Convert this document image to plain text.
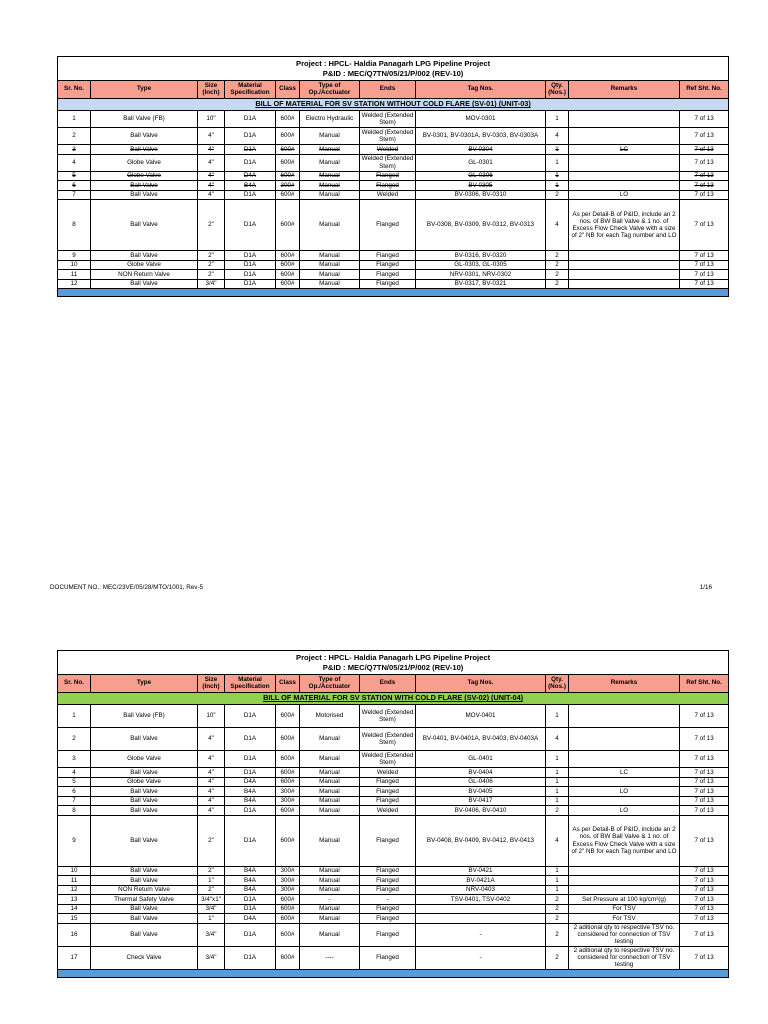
Project : HPCL- Haldia Panagarh LPG Pipeline Project
P&ID : MEC/Q7TN/05/21/P/002 (REV-10)										
Sr. No.	Type	Size (Inch)	Material Specification	Class	Type of Op./Acctuator	Ends	Tag Nos.	Qty. (Nos.)	Remarks	Ref Sht. No.
BILL OF MATERIAL FOR SV STATION WITHOUT COLD FLARE (SV-01) (UNIT-03)										
1	Ball Valve (FB)	10"	D1A	600#	Electro Hydraulic	Welded (Extended Stem)	MOV-0301	1		7 of 13
2	Ball Valve	4"	D1A	600#	Manual	Welded (Extended Stem)	BV-0301, BV-0301A, BV-0303, BV-0303A	4		7 of 13
3	Ball Valve	4"	D1A	600#	Manual	Welded	BV-0304	1	LC	7 of 13
4	Globe Valve	4"	D1A	600#	Manual	Welded (Extended Stem)	GL-0301	1		7 of 13
5	Globe Valve	4"	D4A	600#	Manual	Flanged	GL-0306	1		7 of 13
6	Ball Valve	4"	B4A	300#	Manual	Flanged	BV-0305	1		7 of 13
7	Ball Valve	4"	D1A	600#	Manual	Welded	BV-0306, BV-0310	2	LO	7 of 13
8	Ball Valve	2"	D1A	600#	Manual	Flanged	BV-0308, BV-0309, BV-0312, BV-0313	4	As per Detail-B of P&ID, include an 2 nos. of BW Ball Valve & 1 no. of Excess Flow Check Valve with a size of 2" NB for each Tag number and LO	7 of 13
9	Ball Valve	2"	D1A	600#	Manual	Flanged	BV-0316, BV-0320	2		7 of 13
10	Globe Valve	2"	D1A	600#	Manual	Flanged	GL-0303, GL-0305	2		7 of 13
11	NON Return Valve	2"	D1A	600#	Manual	Flanged	NRV-0301, NRV-0302	2		7 of 13
12	Ball Valve	3/4"	D1A	600#	Manual	Flanged	BV-0317, BV-0321	2		7 of 13

DOCUMENT NO.: MEC/23VE/05/28/MTO/1001, Rev-5	1/16
Project : HPCL- Haldia Panagarh LPG Pipeline Project
P&ID : MEC/Q7TN/05/21/P/002 (REV-10)										
Sr. No.	Type	Size (Inch)	Material Specification	Class	Type of Op./Acctuator	Ends	Tag Nos.	Qty. (Nos.)	Remarks	Ref Sht. No.
BILL OF MATERIAL FOR SV STATION WITH COLD FLARE (SV-02) (UNIT-04)										
1	Ball Valve (FB)	10"	D1A	600#	Motorised	Welded (Extended Stem)	MOV-0401	1		7 of 13
2	Ball Valve	4"	D1A	600#	Manual	Welded (Extended Stem)	BV-0401, BV-0401A, BV-0403, BV-0403A	4		7 of 13
3	Globe Valve	4"	D1A	600#	Manual	Welded (Extended Stem)	GL-0401	1		7 of 13
4	Ball Valve	4"	D1A	600#	Manual	Welded	BV-0404	1	LC	7 of 13
5	Globe Valve	4"	D4A	600#	Manual	Flanged	GL-0406	1		7 of 13
6	Ball Valve	4"	B4A	300#	Manual	Flanged	BV-0405	1	LO	7 of 13
7	Ball Valve	4"	B4A	300#	Manual	Flanged	BV-0417	1		7 of 13
8	Ball Valve	4"	D1A	600#	Manual	Welded	BV-0406, BV-0410	2	LO	7 of 13
9	Ball Valve	2"	D1A	600#	Manual	Flanged	BV-0408, BV-0409, BV-0412, BV-0413	4	As per Detail-B of P&ID, include an 2 nos. of BW Ball Valve & 1 no. of Excess Flow Check Valve with a size of 2" NB for each Tag number and LO	7 of 13
10	Ball Valve	2"	B4A	300#	Manual	Flanged	BV-0421	1		7 of 13
11	Ball Valve	1"	B4A	300#	Manual	Flanged	BV-0421A	1		7 of 13
12	NON Return Valve	2"	B4A	300#	Manual	Flanged	NRV-0403	1		7 of 13
13	Thermal Safety Valve	3/4"x1"	D1A	600#	-	-	TSV-0401, TSV-0402	2	Set Pressure at 100 kg/cm²(g)	7 of 13
14	Ball Valve	3/4"	D1A	600#	Manual	Flanged		2	For TSV	7 of 13
15	Ball Valve	1"	D4A	600#	Manual	Flanged		2	For TSV	7 of 13
16	Ball Valve	3/4"	D1A	600#	Manual	Flanged	-	2	2 aditional qty to respective TSV no. considered for connection of TSV testing	7 of 13
17	Check Valve	3/4"	D1A	600#	----	Flanged	-	2	2 aditional qty to respective TSV no. considered for connection of TSV testing	7 of 13
